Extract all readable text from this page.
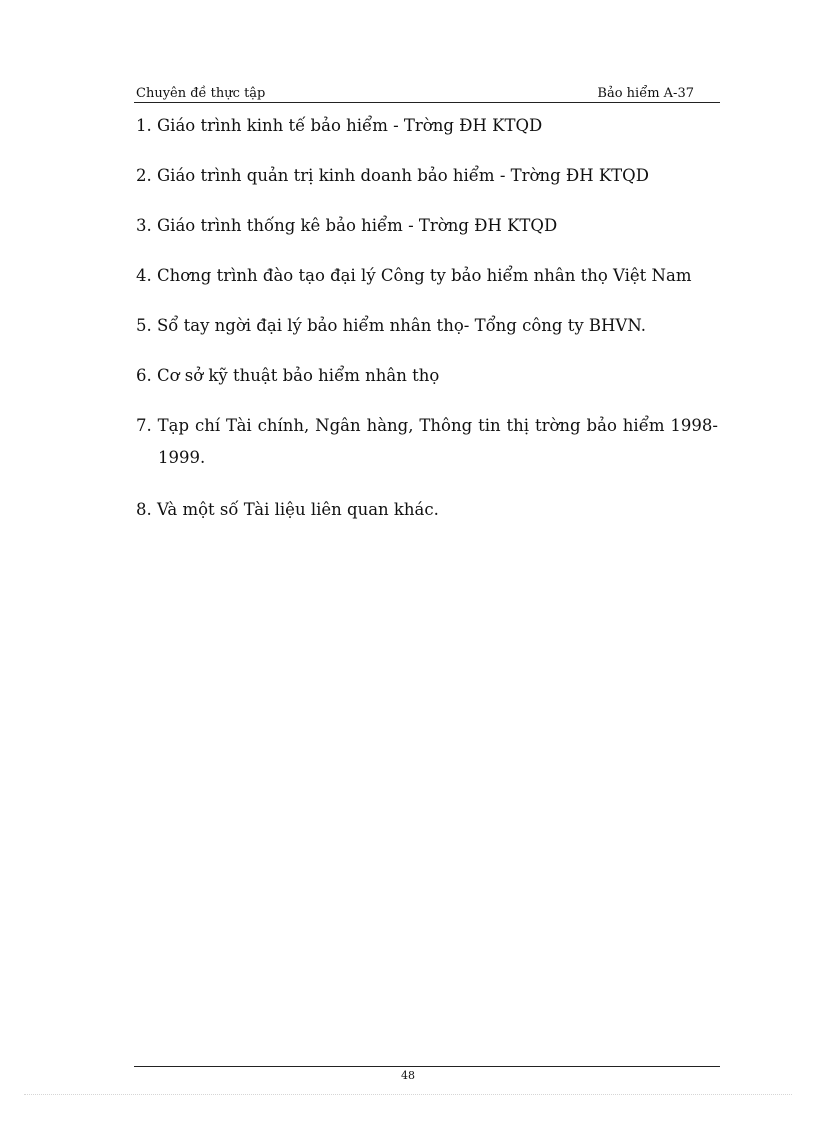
Chuyên đề thực tập	Bảo hiểm A-37

1. Giáo trình kinh tế bảo hiểm - Trờng ĐH KTQD

2. Giáo trình quản trị kinh doanh bảo hiểm - Trờng ĐH KTQD

3. Giáo trình thống kê bảo hiểm - Trờng ĐH KTQD

4. Chơng trình đào tạo đại lý Công ty bảo hiểm nhân thọ Việt Nam

5. Sổ tay ngời đại lý bảo hiểm nhân thọ- Tổng công ty BHVN.

6. Cơ sở kỹ thuật bảo hiểm nhân thọ

7. Tạp chí Tài chính, Ngân hàng, Thông tin thị trờng bảo hiểm 1998-1999.

8. Và một số Tài liệu liên quan khác.

48
